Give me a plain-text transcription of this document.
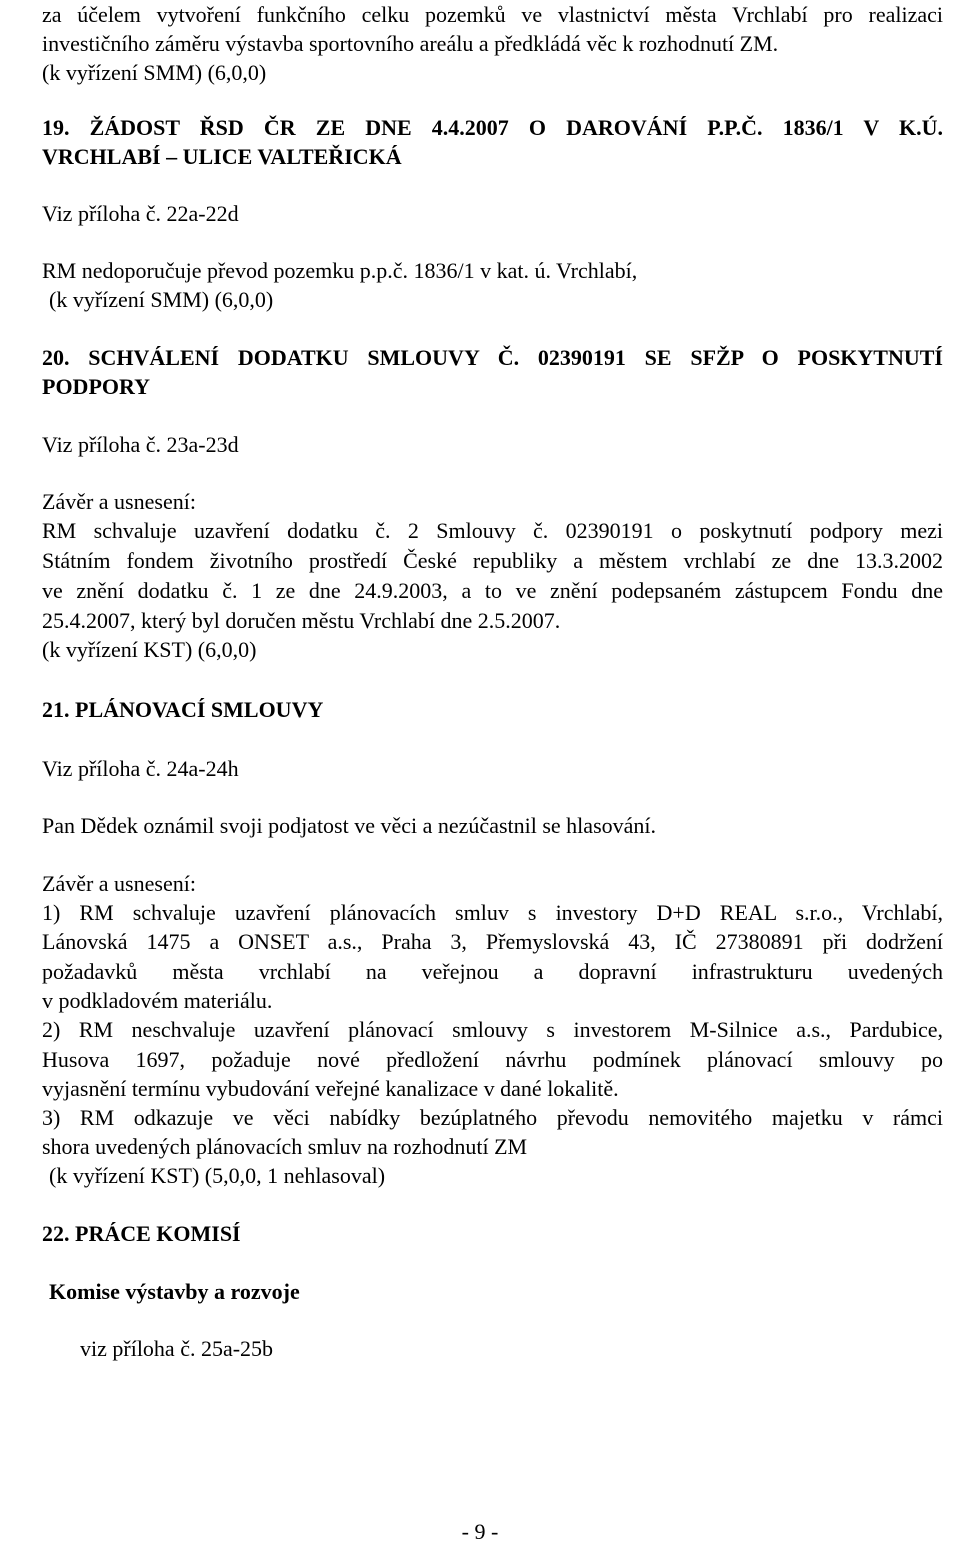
za účelem vytvoření funkčního celku pozemků ve vlastnictví města Vrchlabí pro realizaci
investičního záměru výstavba sportovního areálu a předkládá věc k rozhodnutí ZM.
(k vyřízení SMM) (6,0,0)
19. ŽÁDOST ŘSD ČR ZE DNE 4.4.2007 O DAROVÁNÍ P.P.Č. 1836/1 V K.Ú.
VRCHLABÍ – ULICE VALTEŘICKÁ
Viz příloha č. 22a-22d
RM nedoporučuje převod pozemku p.p.č. 1836/1 v kat. ú. Vrchlabí,
(k vyřízení SMM) (6,0,0)
20. SCHVÁLENÍ DODATKU SMLOUVY Č. 02390191 SE SFŽP O POSKYTNUTÍ
PODPORY
Viz příloha č. 23a-23d
Závěr a usnesení:
RM schvaluje uzavření dodatku č. 2 Smlouvy č. 02390191 o poskytnutí podpory mezi
Státním fondem životního prostředí České republiky a městem vrchlabí ze dne 13.3.2002
ve znění dodatku č. 1 ze dne 24.9.2003, a to ve znění podepsaném zástupcem Fondu dne
25.4.2007, který byl doručen městu Vrchlabí dne 2.5.2007.
(k vyřízení KST) (6,0,0)
21. PLÁNOVACÍ SMLOUVY
Viz příloha č. 24a-24h
Pan Dědek oznámil svoji podjatost ve věci a nezúčastnil se hlasování.
Závěr a usnesení:
1) RM schvaluje uzavření plánovacích smluv s investory D+D REAL s.r.o., Vrchlabí,
Lánovská 1475 a ONSET a.s., Praha 3, Přemyslovská 43, IČ 27380891 při dodržení
požadavků města vrchlabí na veřejnou a dopravní infrastrukturu uvedených
v podkladovém materiálu.
2) RM neschvaluje uzavření plánovací smlouvy s investorem M-Silnice a.s., Pardubice,
Husova 1697, požaduje nové předložení návrhu podmínek plánovací smlouvy po
vyjasnění termínu vybudování veřejné kanalizace v dané lokalitě.
3) RM odkazuje ve věci nabídky bezúplatného převodu nemovitého majetku v rámci
shora uvedených plánovacích smluv na rozhodnutí ZM
(k vyřízení KST) (5,0,0, 1 nehlasoval)
22. PRÁCE KOMISÍ
Komise výstavby a rozvoje
viz příloha č. 25a-25b
- 9 -
